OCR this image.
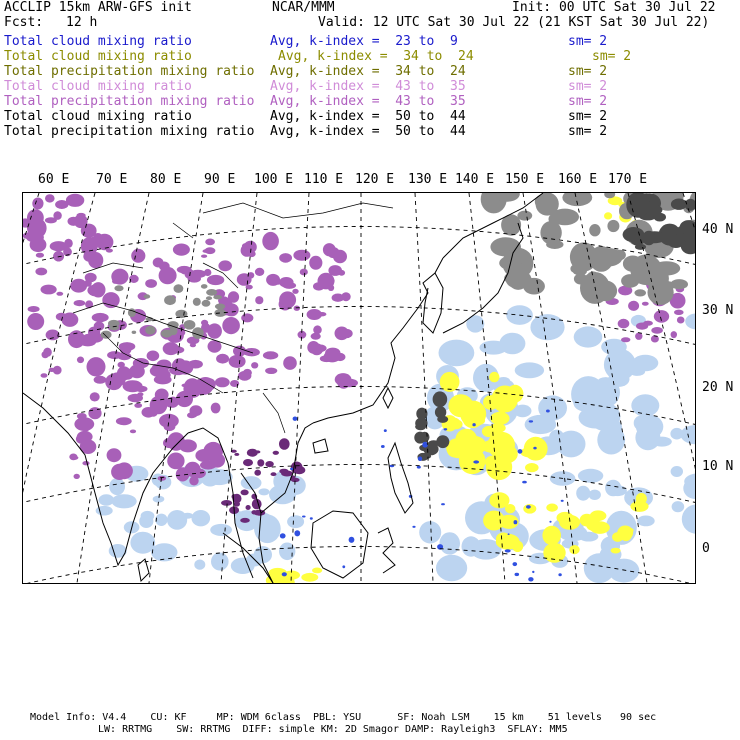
ACCLIP 15km ARW-GFS init	NCAR/MMM	Init: 00 UTC Sat 30 Jul 22
Fcst: 12 h	Valid: 12 UTC Sat 30 Jul 22 (21 KST Sat 30 Jul 22)
Total cloud mixing ratio	Avg, k-index =  23 to  9	sm= 2
Total cloud mixing ratio	Avg, k-index =  34 to  24	sm= 2
Total precipitation mixing ratio Avg, k-index =  34 to  24	sm= 2
Total cloud mixing ratio	Avg, k-index =  43 to  35	sm= 2
Total precipitation mixing ratio Avg, k-index =  43 to  35	sm= 2
Total cloud mixing ratio	Avg, k-index =  50 to  44	sm= 2
Total precipitation mixing ratio Avg, k-index =  50 to  44	sm= 2
60 E 70 E 80 E 90 E 100 E 110 E 120 E 130 E 140 E 150 E 160 E 170 E
40 N
30 N
20 N
10 N
0
Model Info: V4.4    CU: KF     MP: WDM 6class  PBL: YSU      SF: Noah LSM    15 km    51 levels   90 sec
LW: RRTMG    SW: RRTMG  DIFF: simple KM: 2D Smagor DAMP: Rayleigh3  SFLAY: MM5
